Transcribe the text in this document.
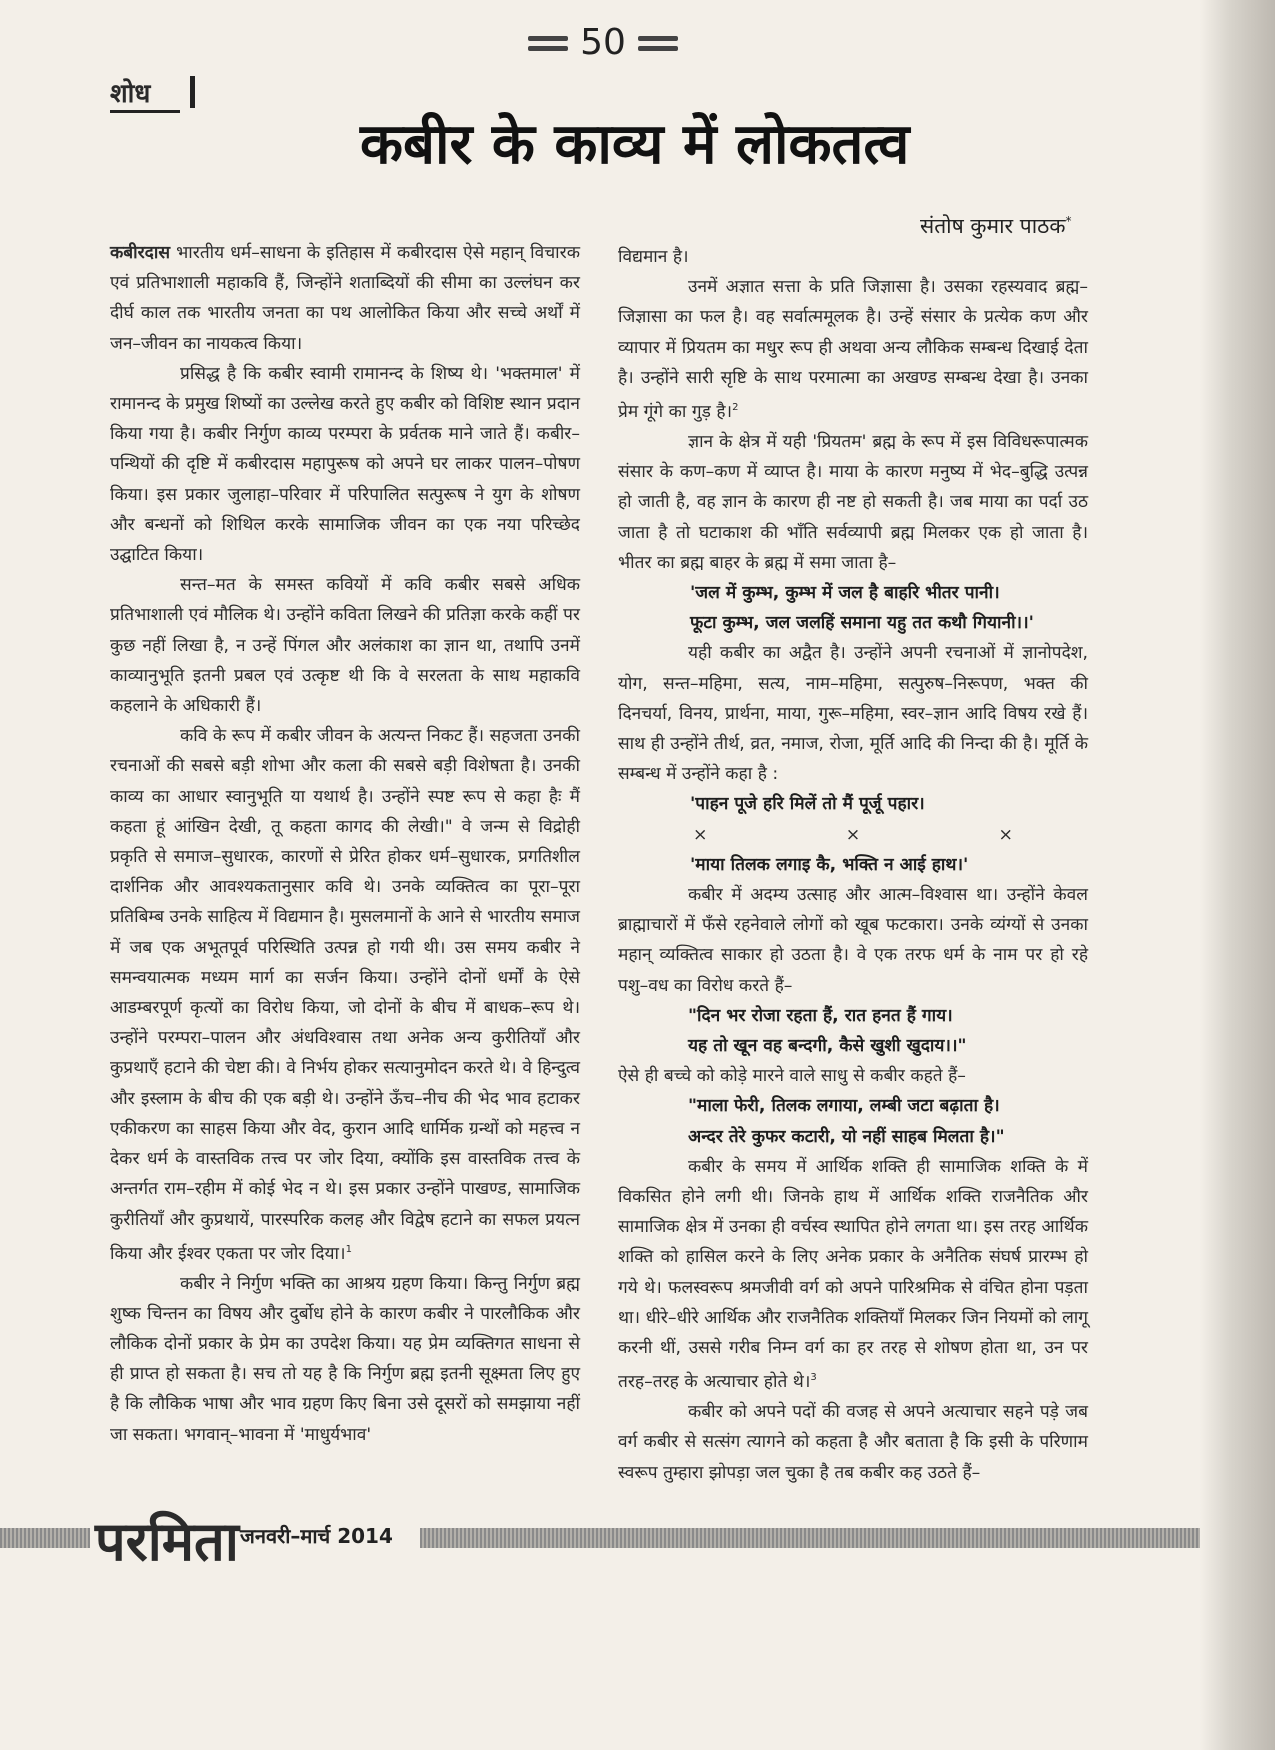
50
शोध
कबीर के काव्य में लोकतत्व
संतोष कुमार पाठक*

कबीरदास भारतीय धर्म–साधना के इतिहास में कबीरदास ऐसे महान् विचारक एवं प्रतिभाशाली महाकवि हैं, जिन्होंने शताब्दियों की सीमा का उल्लंघन कर दीर्घ काल तक भारतीय जनता का पथ आलोकित किया और सच्चे अर्थों में जन–जीवन का नायकत्व किया।

प्रसिद्ध है कि कबीर स्वामी रामानन्द के शिष्य थे। 'भक्तमाल' में रामानन्द के प्रमुख शिष्यों का उल्लेख करते हुए कबीर को विशिष्ट स्थान प्रदान किया गया है। कबीर निर्गुण काव्य परम्परा के प्रर्वतक माने जाते हैं। कबीर–पन्थियों की दृष्टि में कबीरदास महापुरूष को अपने घर लाकर पालन–पोषण किया। इस प्रकार जुलाहा–परिवार में परिपालित सत्पुरूष ने युग के शोषण और बन्धनों को शिथिल करके सामाजिक जीवन का एक नया परिच्छेद उद्घाटित किया।

सन्त–मत के समस्त कवियों में कवि कबीर सबसे अधिक प्रतिभाशाली एवं मौलिक थे। उन्होंने कविता लिखने की प्रतिज्ञा करके कहीं पर कुछ नहीं लिखा है, न उन्हें पिंगल और अलंकाश का ज्ञान था, तथापि उनमें काव्यानुभूति इतनी प्रबल एवं उत्कृष्ट थी कि वे सरलता के साथ महाकवि कहलाने के अधिकारी हैं।

कवि के रूप में कबीर जीवन के अत्यन्त निकट हैं। सहजता उनकी रचनाओं की सबसे बड़ी शोभा और कला की सबसे बड़ी विशेषता है। उनकी काव्य का आधार स्वानुभूति या यथार्थ है। उन्होंने स्पष्ट रूप से कहा हैः मैं कहता हूं आंखिन देखी, तू कहता कागद की लेखी।" वे जन्म से विद्रोही प्रकृति से समाज–सुधारक, कारणों से प्रेरित होकर धर्म–सुधारक, प्रगतिशील दार्शनिक और आवश्यकतानुसार कवि थे। उनके व्यक्तित्व का पूरा–पूरा प्रतिबिम्ब उनके साहित्य में विद्यमान है। मुसलमानों के आने से भारतीय समाज में जब एक अभूतपूर्व परिस्थिति उत्पन्न हो गयी थी। उस समय कबीर ने समन्वयात्मक मध्यम मार्ग का सर्जन किया। उन्होंने दोनों धर्मों के ऐसे आडम्बरपूर्ण कृत्यों का विरोध किया, जो दोनों के बीच में बाधक–रूप थे। उन्होंने परम्परा–पालन और अंधविश्वास तथा अनेक अन्य कुरीतियाँ और कुप्रथाएँ हटाने की चेष्टा की। वे निर्भय होकर सत्यानुमोदन करते थे। वे हिन्दुत्व और इस्लाम के बीच की एक बड़ी थे। उन्होंने ऊँच–नीच की भेद भाव हटाकर एकीकरण का साहस किया और वेद, कुरान आदि धार्मिक ग्रन्थों को महत्त्व न देकर धर्म के वास्तविक तत्त्व पर जोर दिया, क्योंकि इस वास्तविक तत्त्व के अन्तर्गत राम–रहीम में कोई भेद न थे। इस प्रकार उन्होंने पाखण्ड, सामाजिक कुरीतियाँ और कुप्रथायें, पारस्परिक कलह और विद्वेष हटाने का सफल प्रयत्न किया और ईश्वर एकता पर जोर दिया।$^1$

कबीर ने निर्गुण भक्ति का आश्रय ग्रहण किया। किन्तु निर्गुण ब्रह्म शुष्क चिन्तन का विषय और दुर्बोध होने के कारण कबीर ने पारलौकिक और लौकिक दोनों प्रकार के प्रेम का उपदेश किया। यह प्रेम व्यक्तिगत साधना से ही प्राप्त हो सकता है। सच तो यह है कि निर्गुण ब्रह्म इतनी सूक्ष्मता लिए हुए है कि लौकिक भाषा और भाव ग्रहण किए बिना उसे दूसरों को समझाया नहीं जा सकता। भगवान्–भावना में 'माधुर्यभाव'

विद्यमान है।

उनमें अज्ञात सत्ता के प्रति जिज्ञासा है। उसका रहस्यवाद ब्रह्म–जिज्ञासा का फल है। वह सर्वात्ममूलक है। उन्हें संसार के प्रत्येक कण और व्यापार में प्रियतम का मधुर रूप ही अथवा अन्य लौकिक सम्बन्ध दिखाई देता है। उन्होंने सारी सृष्टि के साथ परमात्मा का अखण्ड सम्बन्ध देखा है। उनका प्रेम गूंगे का गुड़ है।$^2$

ज्ञान के क्षेत्र में यही 'प्रियतम' ब्रह्म के रूप में इस विविधरूपात्मक संसार के कण–कण में व्याप्त है। माया के कारण मनुष्य में भेद–बुद्धि उत्पन्न हो जाती है, वह ज्ञान के कारण ही नष्ट हो सकती है। जब माया का पर्दा उठ जाता है तो घटाकाश की भाँति सर्वव्यापी ब्रह्म मिलकर एक हो जाता है। भीतर का ब्रह्म बाहर के ब्रह्म में समा जाता है–

'जल में कुम्भ, कुम्भ में जल है बाहरि भीतर पानी।

फूटा कुम्भ, जल जलहिं समाना यहु तत कथौ गियानी।।'

यही कबीर का अद्वैत है। उन्होंने अपनी रचनाओं में ज्ञानोपदेश, योग, सन्त–महिमा, सत्य, नाम–महिमा, सत्पुरुष–निरूपण, भक्त की दिनचर्या, विनय, प्रार्थना, माया, गुरू–महिमा, स्वर–ज्ञान आदि विषय रखे हैं। साथ ही उन्होंने तीर्थ, व्रत, नमाज, रोजा, मूर्ति आदि की निन्दा की है। मूर्ति के सम्बन्ध में उन्होंने कहा है :

'पाहन पूजे हरि मिलें तो मैं पूर्जू पहार।

×	×	×

'माया तिलक लगाइ कै, भक्ति न आई हाथ।'

कबीर में अदम्य उत्साह और आत्म–विश्वास था। उन्होंने केवल ब्राह्माचारों में फँसे रहनेवाले लोगों को खूब फटकारा। उनके व्यंग्यों से उनका महान् व्यक्तित्व साकार हो उठता है। वे एक तरफ धर्म के नाम पर हो रहे पशु–वध का विरोध करते हैं–

"दिन भर रोजा रहता हैं, रात हनत हैं गाय।

यह तो खून वह बन्दगी, कैसे खुशी खुदाय।।"

ऐसे ही बच्चे को कोड़े मारने वाले साधु से कबीर कहते हैं–

"माला फेरी, तिलक लगाया, लम्बी जटा बढ़ाता है।

अन्दर तेरे कुफर कटारी, यो नहीं साहब मिलता है।"

कबीर के समय में आर्थिक शक्ति ही सामाजिक शक्ति के में विकसित होने लगी थी। जिनके हाथ में आर्थिक शक्ति राजनैतिक और सामाजिक क्षेत्र में उनका ही वर्चस्व स्थापित होने लगता था। इस तरह आर्थिक शक्ति को हासिल करने के लिए अनेक प्रकार के अनैतिक संघर्ष प्रारम्भ हो गये थे। फलस्वरूप श्रमजीवी वर्ग को अपने पारिश्रमिक से वंचित होना पड़ता था। धीरे–धीरे आर्थिक और राजनैतिक शक्तियाँ मिलकर जिन नियमों को लागू करनी थीं, उससे गरीब निम्न वर्ग का हर तरह से शोषण होता था, उन पर तरह–तरह के अत्याचार होते थे।$^3$

कबीर को अपने पदों की वजह से अपने अत्याचार सहने पड़े जब वर्ग कबीर से सत्संग त्यागने को कहता है और बताता है कि इसी के परिणाम स्वरूप तुम्हारा झोपड़ा जल चुका है तब कबीर कह उठते हैं–

परमिता जनवरी–मार्च 2014
